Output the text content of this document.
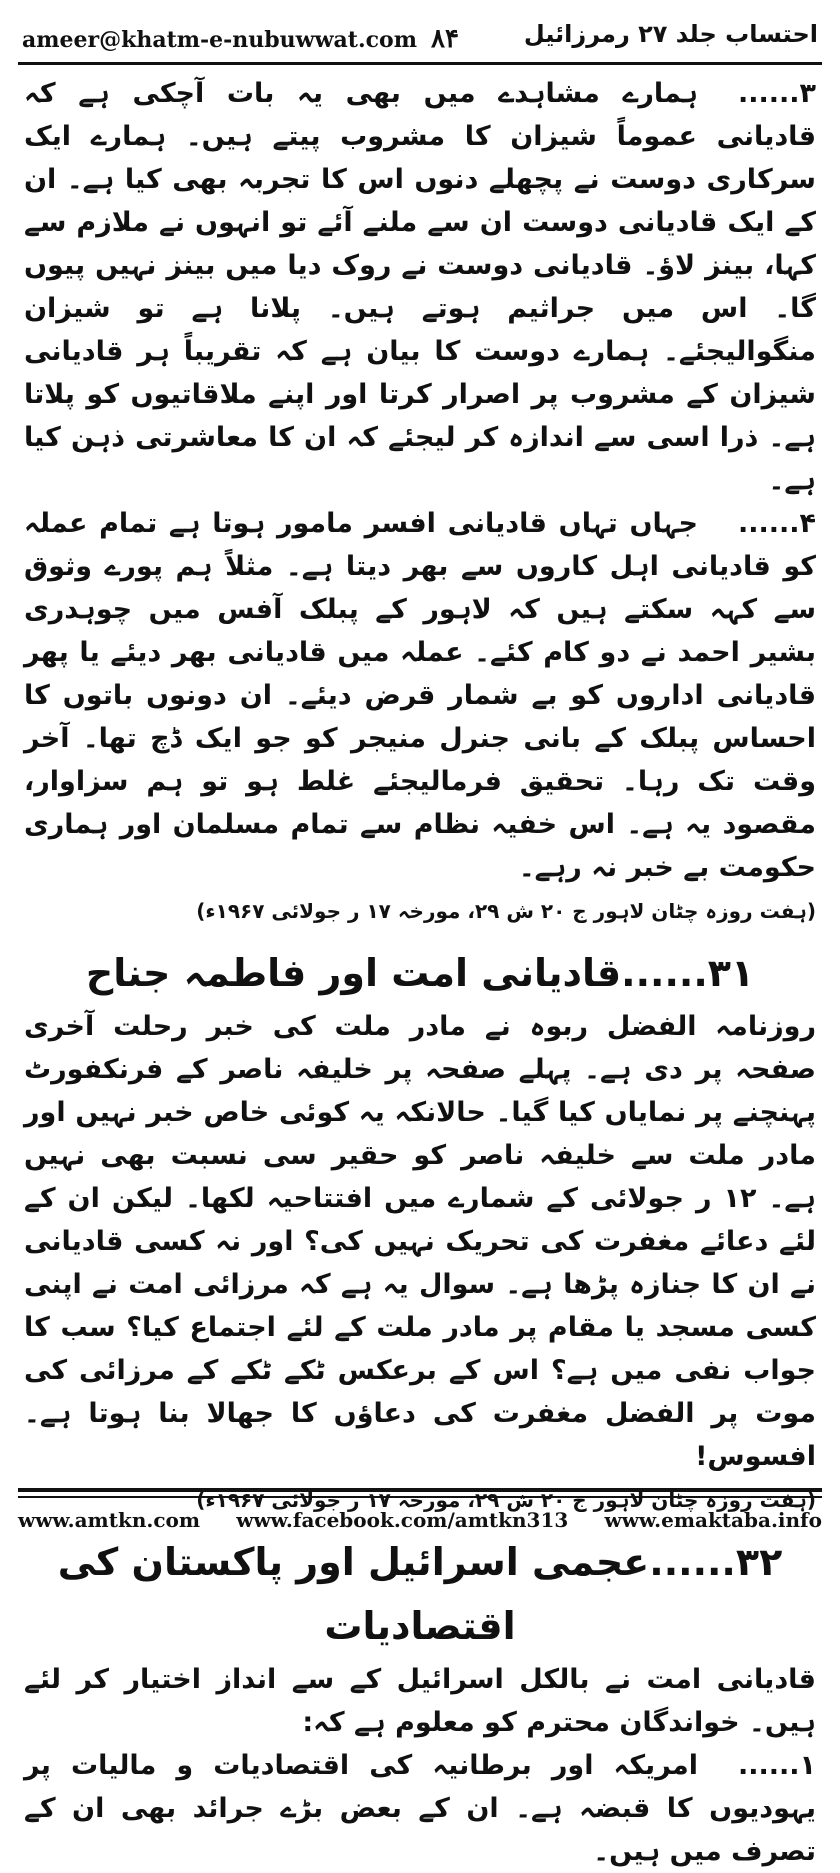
ameer@khatm-e-nubuwwat.com ۸۴	احتساب جلد ۲۷ رمرزائیل

۳......ہمارے مشاہدے میں بھی یہ بات آچکی ہے کہ قادیانی عموماً شیزان کا مشروب پیتے ہیں۔ ہمارے ایک سرکاری دوست نے پچھلے دنوں اس کا تجربہ بھی کیا ہے۔ ان کے ایک قادیانی دوست ان سے ملنے آئے تو انہوں نے ملازم سے کہا، بینز لاؤ۔ قادیانی دوست نے روک دیا میں بینز نہیں پیوں گا۔ اس میں جراثیم ہوتے ہیں۔ پلانا ہے تو شیزان منگوالیجئے۔ ہمارے دوست کا بیان ہے کہ تقریباً ہر قادیانی شیزان کے مشروب پر اصرار کرتا اور اپنے ملاقاتیوں کو پلاتا ہے۔ ذرا اسی سے اندازہ کر لیجئے کہ ان کا معاشرتی ذہن کیا ہے۔

۴......جہاں تہاں قادیانی افسر مامور ہوتا ہے تمام عملہ کو قادیانی اہل کاروں سے بھر دیتا ہے۔ مثلاً ہم پورے وثوق سے کہہ سکتے ہیں کہ لاہور کے پبلک آفس میں چوہدری بشیر احمد نے دو کام کئے۔ عملہ میں قادیانی بھر دیئے یا پھر قادیانی اداروں کو بے شمار قرض دیئے۔ ان دونوں باتوں کا احساس پبلک کے بانی جنرل منیجر کو جو ایک ڈچ تھا۔ آخر وقت تک رہا۔ تحقیق فرمالیجئے غلط ہو تو ہم سزاوار، مقصود یہ ہے۔ اس خفیہ نظام سے تمام مسلمان اور ہماری حکومت بے خبر نہ رہے۔

(ہفت روزہ چٹان لاہور ج ۲۰ ش ۲۹، مورخہ ۱۷ ر جولائی ۱۹۶۷ء)
۳۱......قادیانی امت اور فاطمہ جناح

روزنامہ الفضل ربوہ نے مادر ملت کی خبر رحلت آخری صفحہ پر دی ہے۔ پہلے صفحہ پر خلیفہ ناصر کے فرنکفورٹ پہنچنے پر نمایاں کیا گیا۔ حالانکہ یہ کوئی خاص خبر نہیں اور مادر ملت سے خلیفہ ناصر کو حقیر سی نسبت بھی نہیں ہے۔ ۱۲ ر جولائی کے شمارے میں افتتاحیہ لکھا۔ لیکن ان کے لئے دعائے مغفرت کی تحریک نہیں کی؟ اور نہ کسی قادیانی نے ان کا جنازہ پڑھا ہے۔ سوال یہ ہے کہ مرزائی امت نے اپنی کسی مسجد یا مقام پر مادر ملت کے لئے اجتماع کیا؟ سب کا جواب نفی میں ہے؟ اس کے برعکس ٹکے ٹکے کے مرزائی کی موت پر الفضل مغفرت کی دعاؤں کا جھالا بنا ہوتا ہے۔ افسوس!

(ہفت روزہ چٹان لاہور ج ۲۰ ش ۲۹، مورخہ ۱۷ ر جولائی ۱۹۶۷ء)
۳۲......عجمی اسرائیل اور پاکستان کی اقتصادیات

قادیانی امت نے بالکل اسرائیل کے سے انداز اختیار کر لئے ہیں۔ خواندگان محترم کو معلوم ہے کہ:

۱......امریکہ اور برطانیہ کی اقتصادیات و مالیات پر یہودیوں کا قبضہ ہے۔ ان کے بعض بڑے جرائد بھی ان کے تصرف میں ہیں۔

www.amtkn.com www.facebook.com/amtkn313 www.emaktaba.info
